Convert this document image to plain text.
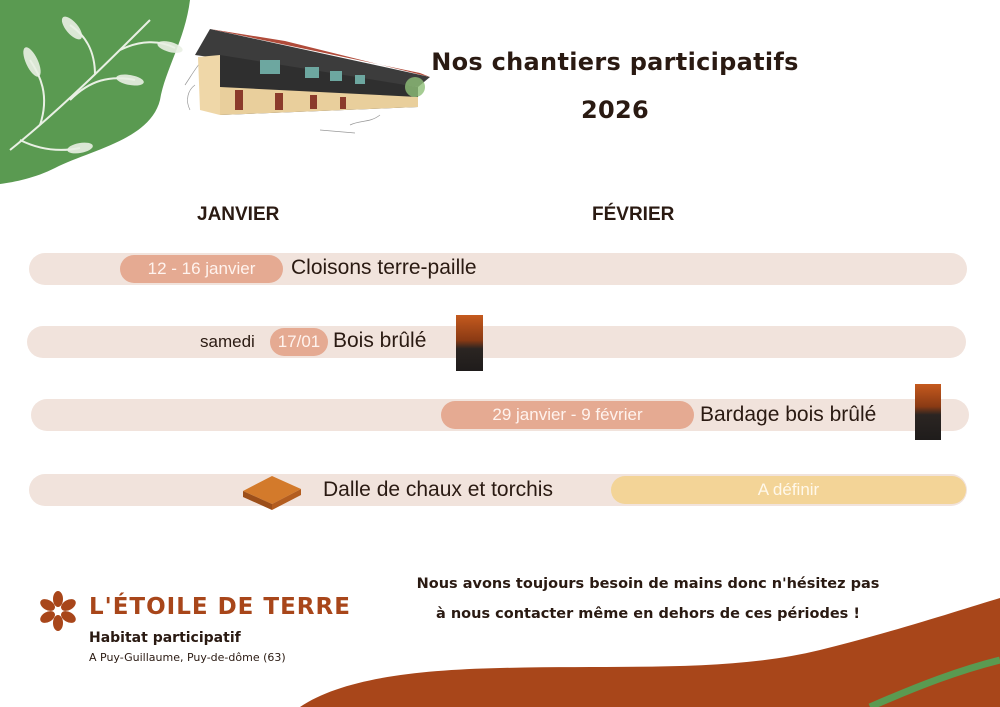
Nos chantiers participatifs
2026
JANVIER	FÉVRIER
12 - 16 janvier	Cloisons terre-paille
samedi	17/01 Bois brûlé
29 janvier - 9 février	Bardage bois brûlé
Dalle de chaux et torchis	A définir
Nous avons toujours besoin de mains donc n'hésitez pas
à nous contacter même en dehors de ces périodes !
L'ÉTOILE DE TERRE
Habitat participatif
A Puy-Guillaume, Puy-de-dôme (63)
